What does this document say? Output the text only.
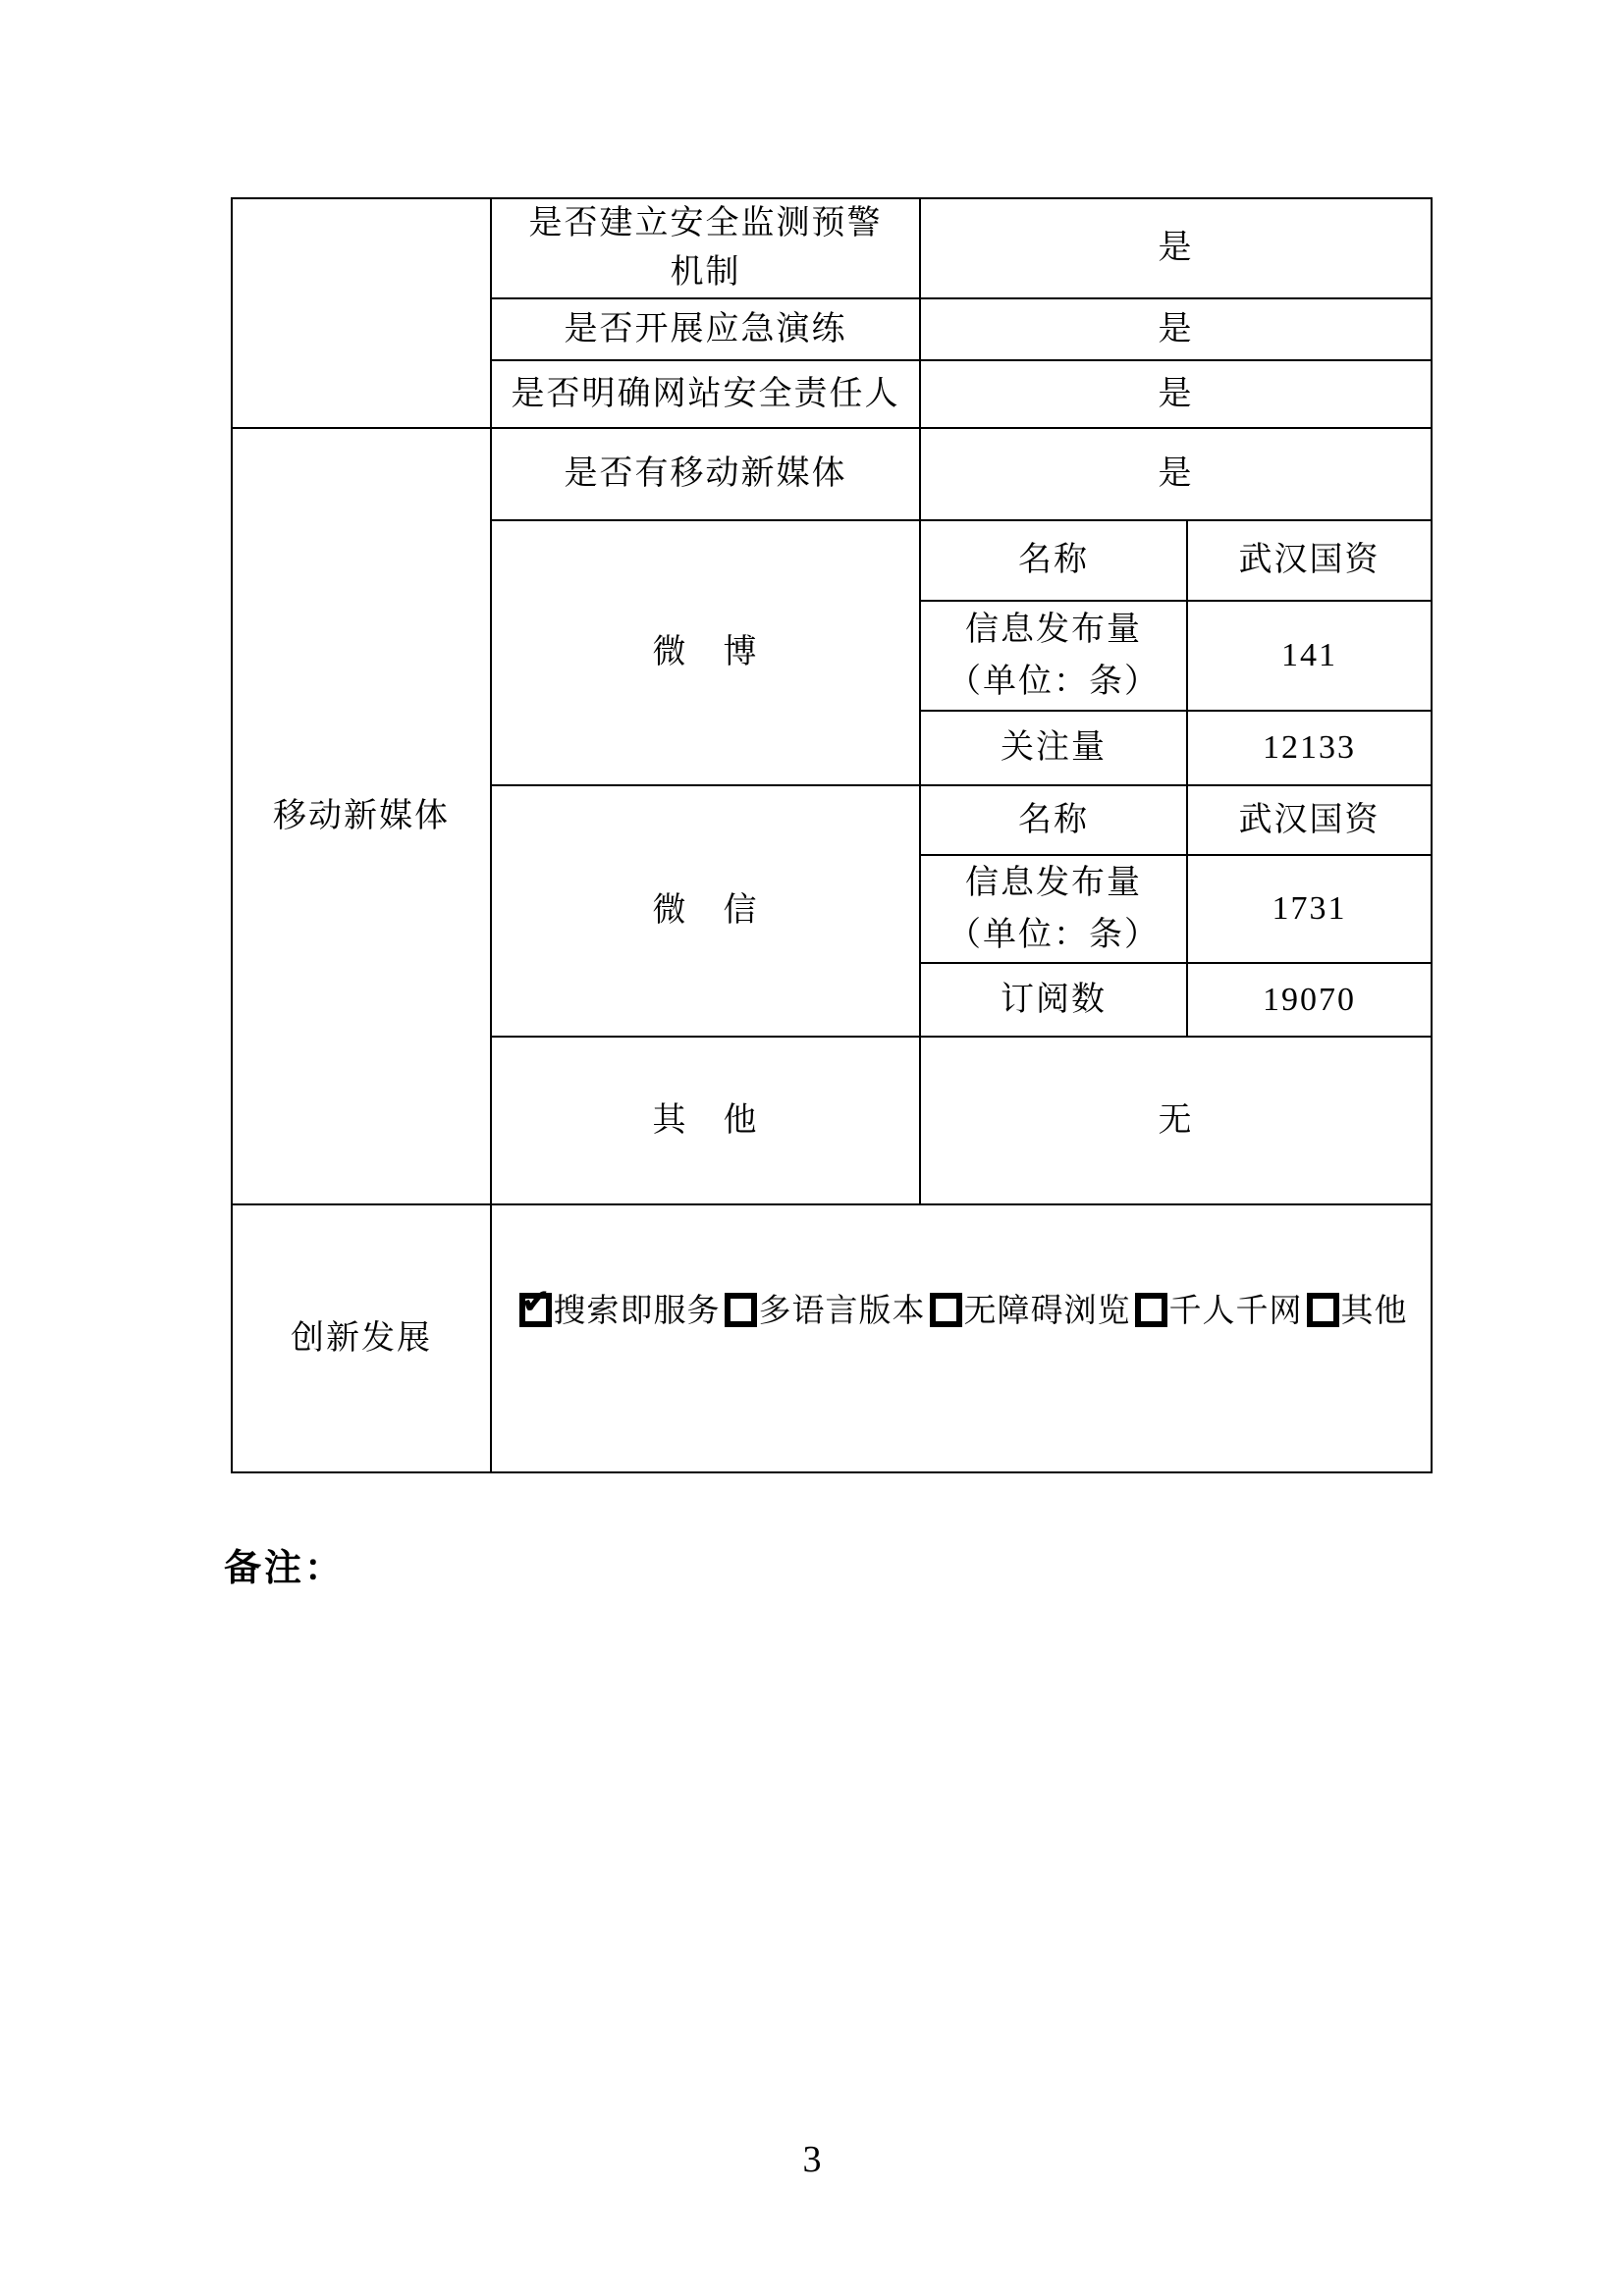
	是否建立安全监测预警
机制	是	
	是否开展应急演练	是	
	是否明确网站安全责任人	是	
移动新媒体	是否有移动新媒体	是	
	微　博	名称	武汉国资

		信息发布量
（单位：条）	141
		关注量	12133
	微　信	名称	武汉国资

		信息发布量
（单位：条）	1731
		订阅数	19070
	其　他	无	
创新发展	✔ 搜索即服务 多语言版本 无障碍浏览 千人千网 其他		
备注：
3
